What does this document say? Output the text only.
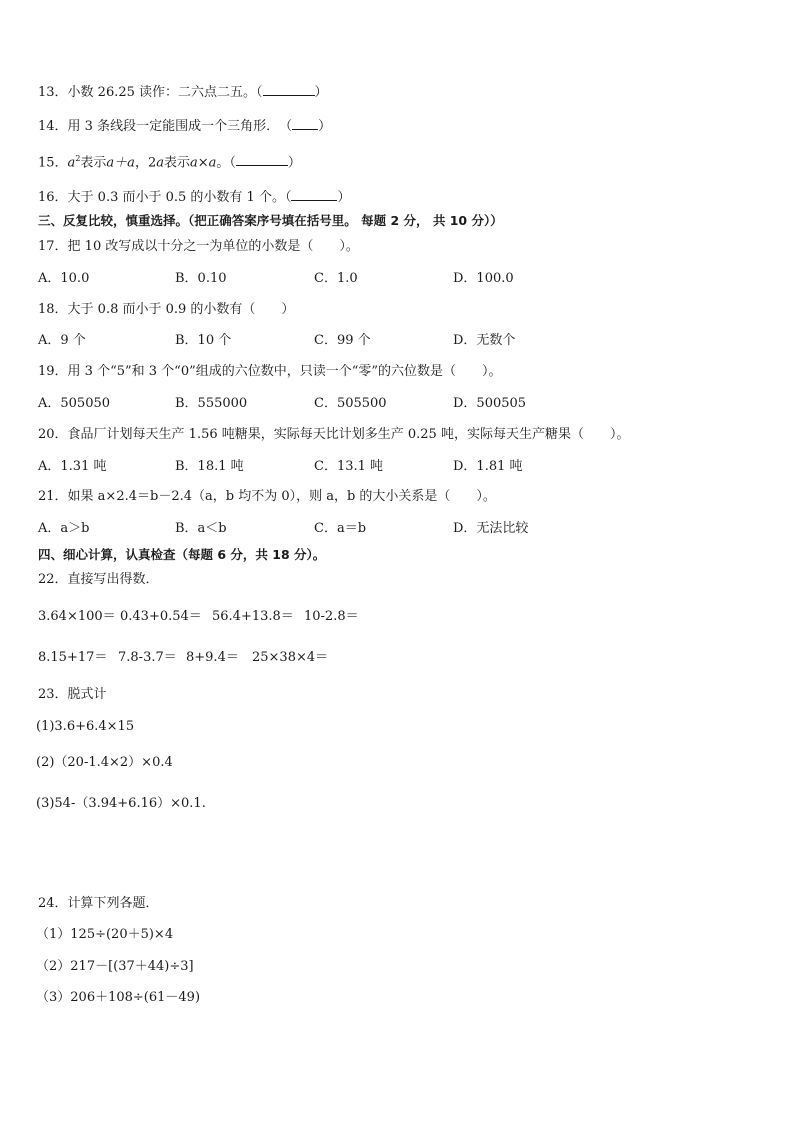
13．小数 26.25 读作：二六点二五。（	）
14．用 3 条线段一定能围成一个三角形．　（ ）
15．$a^2$表示a＋a，2a表示a×a。（	）
16．大于 0.3 而小于 0.5 的小数有 1 个。（	）
三、反复比较，慎重选择。（把正确答案序号填在括号里。 每题 2 分， 共 10 分））
17．把 10 改写成以十分之一为单位的小数是（　　）。
A．10.0	B．0.10	C．1.0	D．100.0
18．大于 0.8 而小于 0.9 的小数有（　　）
A．9 个	B．10 个	C．99 个	D．无数个
19．用 3 个“5”和 3 个“0”组成的六位数中，只读一个“零”的六位数是（　　）。
A．505050	B．555000	C．505500	D．500505
20．食品厂计划每天生产 1.56 吨糖果，实际每天比计划多生产 0.25 吨，实际每天生产糖果（　　）。
A．1.31 吨	B．18.1 吨	C．13.1 吨	D．1.81 吨
21．如果 a×2.4＝b－2.4（a，b 均不为 0），则 a，b 的大小关系是（　　）。
A．a＞b	B．a＜b	C．a＝b	D．无法比较
四、细心计算，认真检查（每题 6 分，共 18 分）。
22．直接写出得数．
3.64×100＝ 0.43+0.54＝ 56.4+13.8＝ 10-2.8＝
8.15+17＝ 7.8-3.7＝ 8+9.4＝ 25×38×4＝
23．脱式计
(1)3.6+6.4×15
(2)（20-1.4×2）×0.4
(3)54-（3.94+6.16）×0.1.
24．计算下列各题．
（1）125÷(20＋5)×4
（2）217－[(37＋44)÷3]
（3）206＋108÷(61－49)
